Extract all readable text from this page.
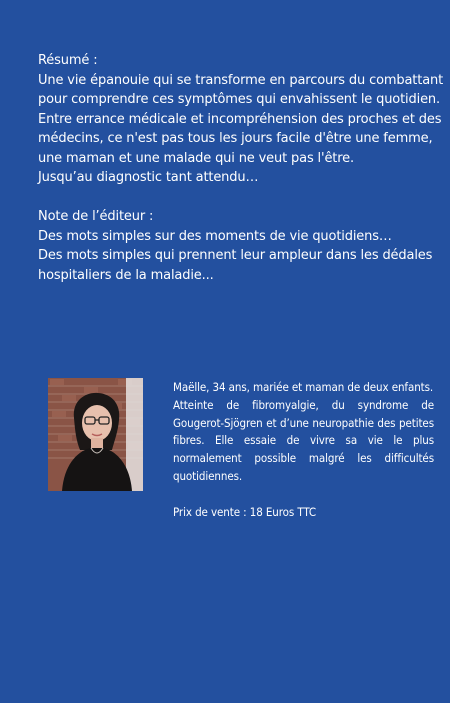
Résumé :

Une vie épanouie qui se transforme en parcours du combattant

pour comprendre ces symptômes qui envahissent le quotidien.

Entre errance médicale et incompréhension des proches et des

médecins, ce n'est pas tous les jours facile d'être une femme,

une maman et une malade qui ne veut pas l'être.

Jusqu’au diagnostic tant attendu…

Note de l’éditeur :

Des mots simples sur des moments de vie quotidiens…

Des mots simples qui prennent leur ampleur dans les dédales

hospitaliers de la maladie...

Maëlle, 34 ans, mariée et maman de deux enfants.

Atteinte de fibromyalgie, du syndrome de Gougerot-Sjögren et d’une neuropathie des petites fibres. Elle essaie de vivre sa vie le plus normalement possible malgré les difficultés quotidiennes.

Prix de vente : 18 Euros TTC
